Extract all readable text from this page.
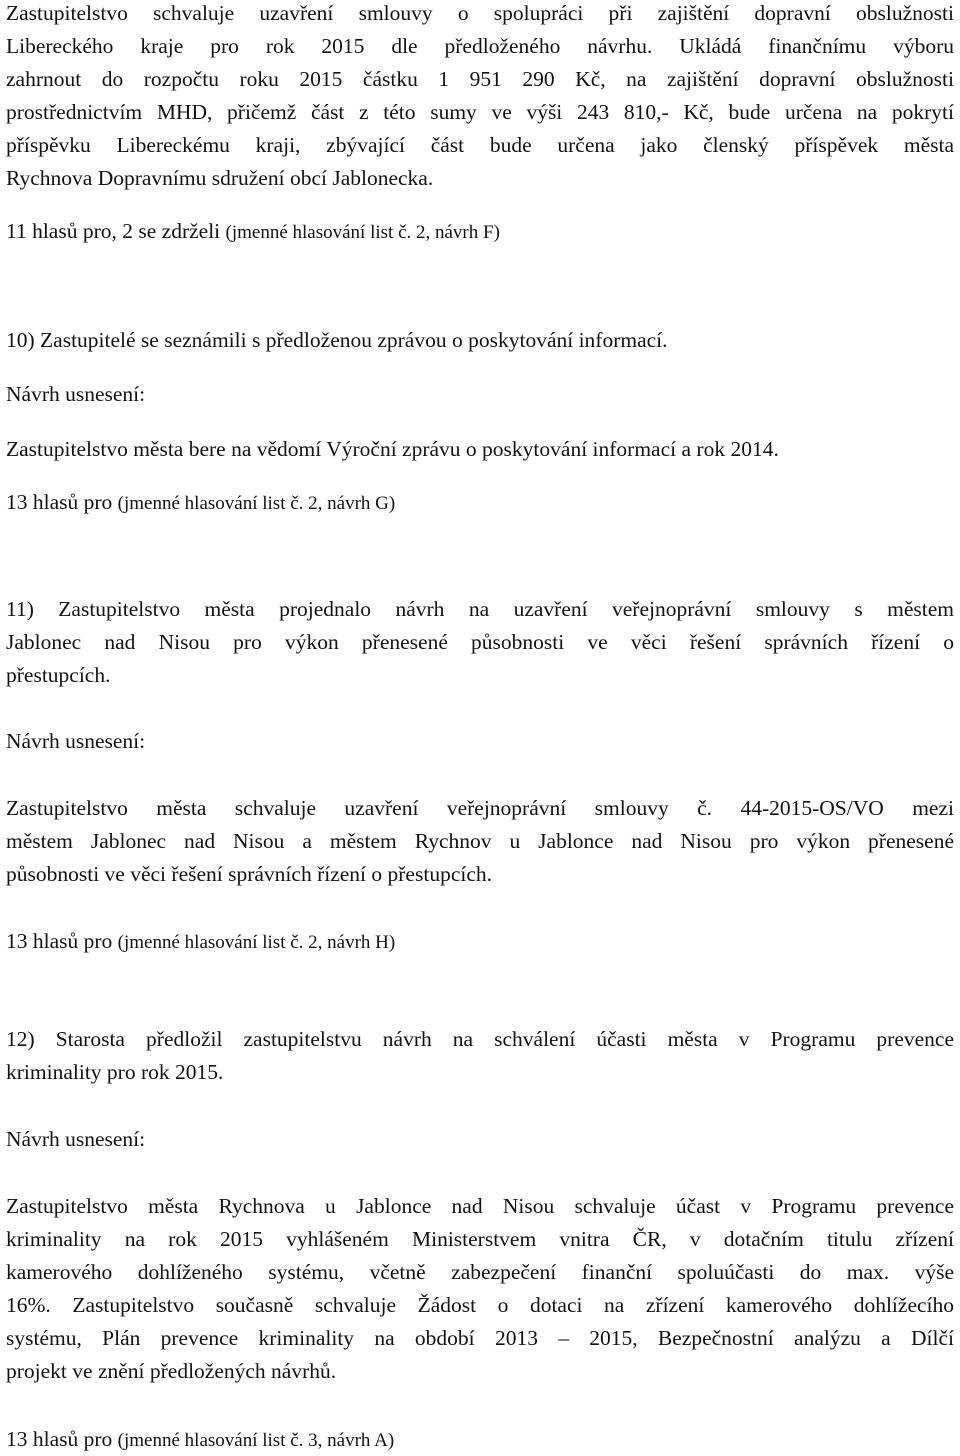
Zastupitelstvo schvaluje uzavření smlouvy o spolupráci při zajištění dopravní obslužnosti
Libereckého kraje pro rok 2015 dle předloženého návrhu. Ukládá finančnímu výboru
zahrnout do rozpočtu roku 2015 částku 1 951 290 Kč, na zajištění dopravní obslužnosti
prostřednictvím MHD, přičemž část z této sumy ve výši 243 810,- Kč, bude určena na pokrytí
příspěvku Libereckému kraji, zbývající část bude určena jako členský příspěvek města
Rychnova Dopravnímu sdružení obcí Jablonecka.
11 hlasů pro, 2 se zdrželi (jmenné hlasování list č. 2, návrh F)
10) Zastupitelé se seznámili s předloženou zprávou o poskytování informací.
Návrh usnesení:
Zastupitelstvo města bere na vědomí Výroční zprávu o poskytování informací a rok 2014.
13 hlasů pro (jmenné hlasování list č. 2, návrh G)
11) Zastupitelstvo města projednalo návrh na uzavření veřejnoprávní smlouvy s městem
Jablonec nad Nisou pro výkon přenesené působnosti ve věci řešení správních řízení o
přestupcích.
Návrh usnesení:
Zastupitelstvo města schvaluje uzavření veřejnoprávní smlouvy č. 44-2015-OS/VO mezi
městem Jablonec nad Nisou a městem Rychnov u Jablonce nad Nisou pro výkon přenesené
působnosti ve věci řešení správních řízení o přestupcích.
13 hlasů pro (jmenné hlasování list č. 2, návrh H)
12) Starosta předložil zastupitelstvu návrh na schválení účasti města v Programu prevence
kriminality pro rok 2015.
Návrh usnesení:
Zastupitelstvo města Rychnova u Jablonce nad Nisou schvaluje účast v Programu prevence
kriminality na rok 2015 vyhlášeném Ministerstvem vnitra ČR, v dotačním titulu zřízení
kamerového dohlíženého systému, včetně zabezpečení finanční spoluúčasti do max. výše
16%. Zastupitelstvo současně schvaluje Žádost o dotaci na zřízení kamerového dohlížecího
systému, Plán prevence kriminality na období 2013 – 2015, Bezpečnostní analýzu a Dílčí
projekt ve znění předložených návrhů.
13 hlasů pro (jmenné hlasování list č. 3, návrh A)
